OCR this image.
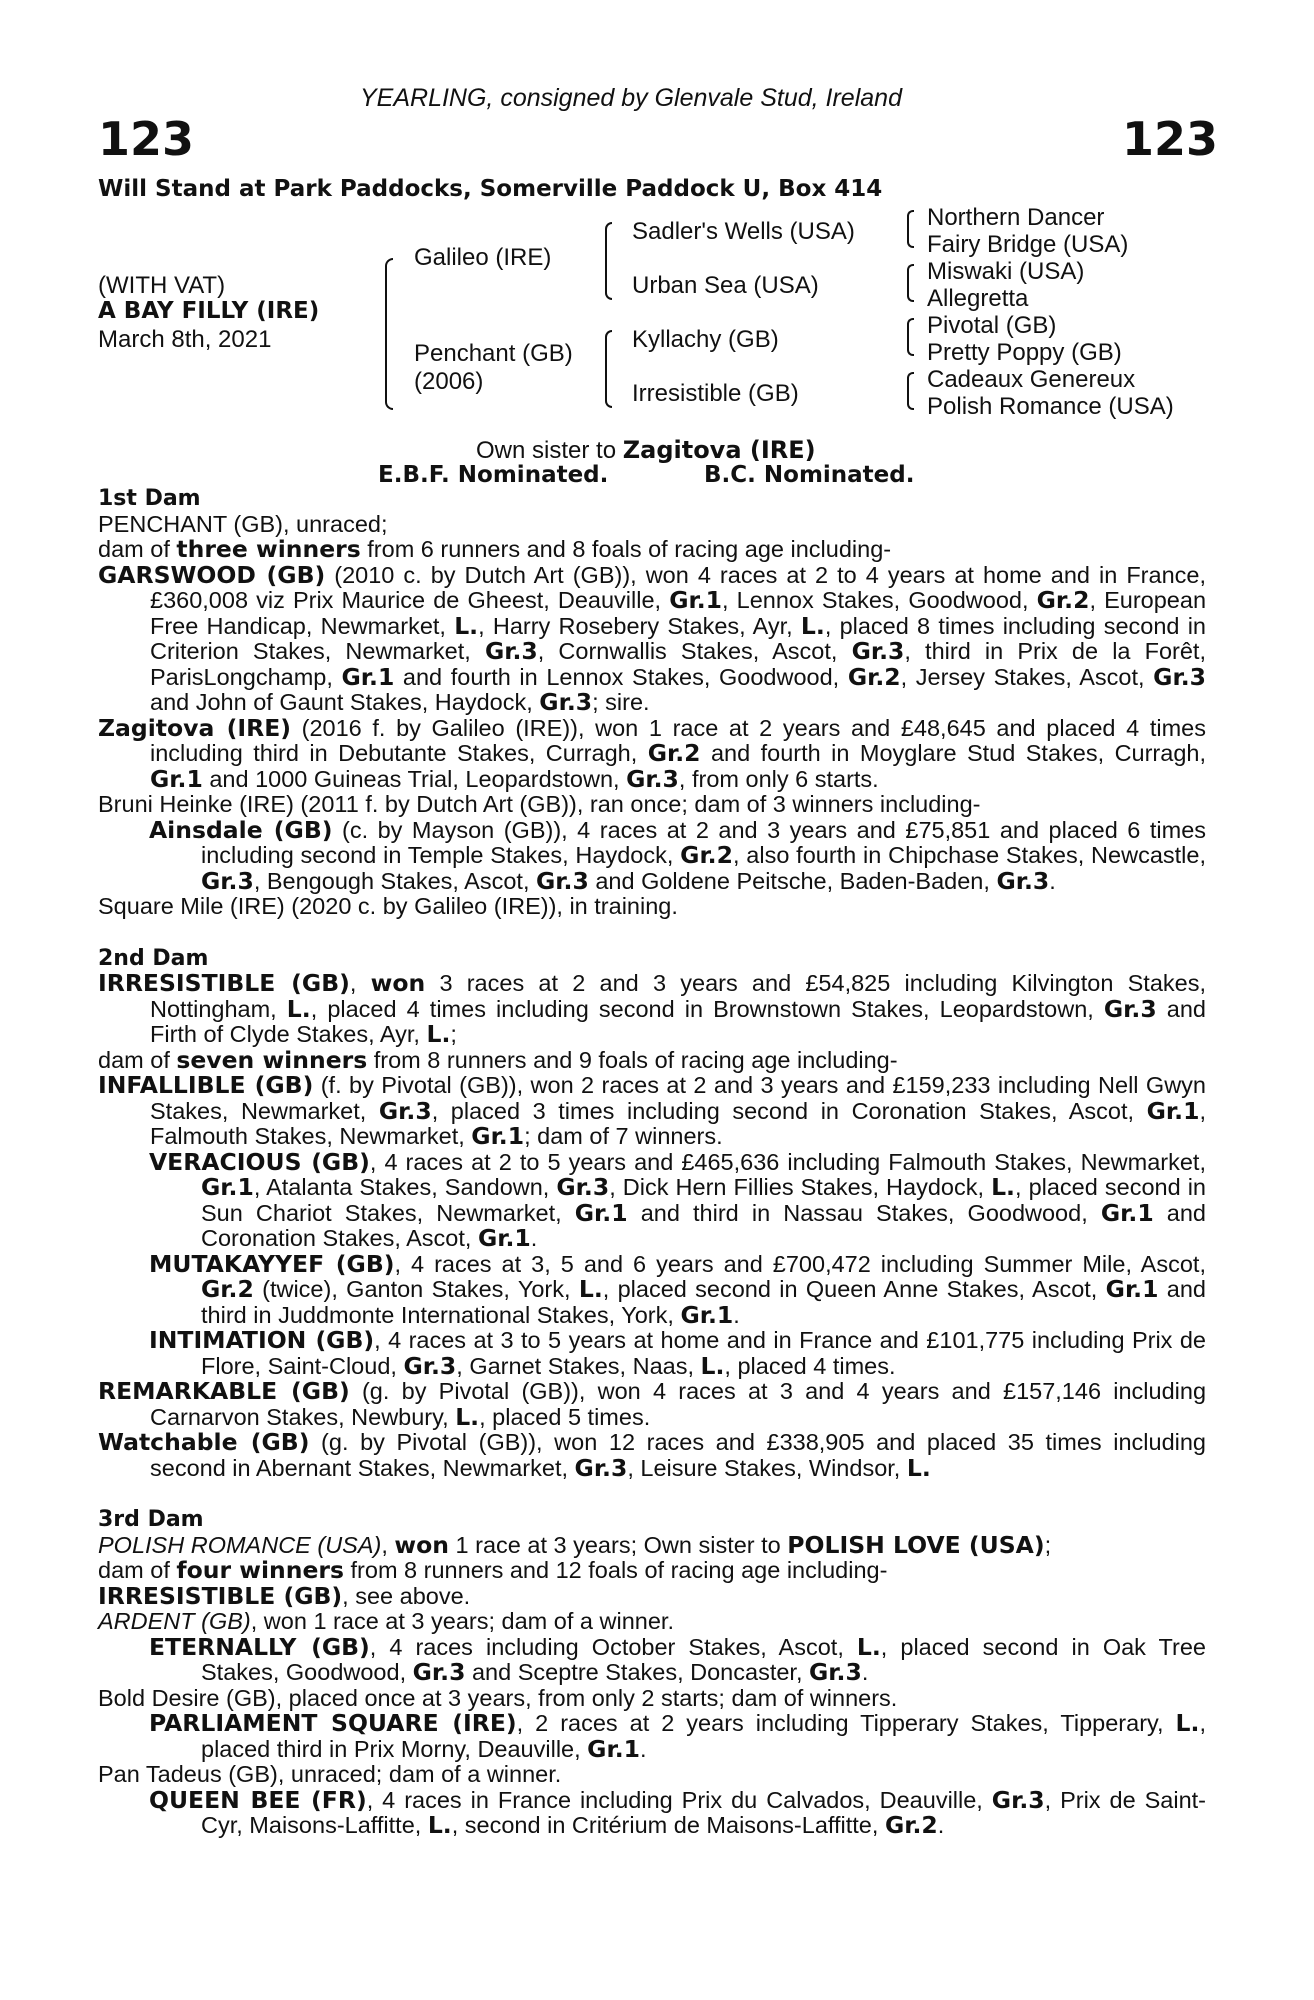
YEARLING, consigned by Glenvale Stud, Ireland
123	123
Will Stand at Park Paddocks, Somerville Paddock U, Box 414
(WITH VAT)
A BAY FILLY (IRE)
March 8th, 2021
Galileo (IRE)
Penchant (GB)
(2006)
Sadler's Wells (USA)
Urban Sea (USA)
Kyllachy (GB)
Irresistible (GB)
Northern Dancer
Fairy Bridge (USA)
Miswaki (USA)
Allegretta
Pivotal (GB)
Pretty Poppy (GB)
Cadeaux Genereux
Polish Romance (USA)
Own sister to Zagitova (IRE)
E.B.F. Nominated.	B.C. Nominated.
1st Dam

PENCHANT (GB), unraced;

dam of three winners from 6 runners and 8 foals of racing age including-

GARSWOOD (GB) (2010 c. by Dutch Art (GB)), won 4 races at 2 to 4 years at home and in France, £360,008 viz Prix Maurice de Gheest, Deauville, Gr.1, Lennox Stakes, Goodwood, Gr.2, European Free Handicap, Newmarket, L., Harry Rosebery Stakes, Ayr, L., placed 8 times including second in Criterion Stakes, Newmarket, Gr.3, Cornwallis Stakes, Ascot, Gr.3, third in Prix de la Forêt, ParisLongchamp, Gr.1 and fourth in Lennox Stakes, Goodwood, Gr.2, Jersey Stakes, Ascot, Gr.3 and John of Gaunt Stakes, Haydock, Gr.3; sire.

Zagitova (IRE) (2016 f. by Galileo (IRE)), won 1 race at 2 years and £48,645 and placed 4 times including third in Debutante Stakes, Curragh, Gr.2 and fourth in Moyglare Stud Stakes, Curragh, Gr.1 and 1000 Guineas Trial, Leopardstown, Gr.3, from only 6 starts.

Bruni Heinke (IRE) (2011 f. by Dutch Art (GB)), ran once; dam of 3 winners including-

Ainsdale (GB) (c. by Mayson (GB)), 4 races at 2 and 3 years and £75,851 and placed 6 times including second in Temple Stakes, Haydock, Gr.2, also fourth in Chipchase Stakes, Newcastle, Gr.3, Bengough Stakes, Ascot, Gr.3 and Goldene Peitsche, Baden-Baden, Gr.3.

Square Mile (IRE) (2020 c. by Galileo (IRE)), in training.

2nd Dam

IRRESISTIBLE (GB), won 3 races at 2 and 3 years and £54,825 including Kilvington Stakes, Nottingham, L., placed 4 times including second in Brownstown Stakes, Leopardstown, Gr.3 and Firth of Clyde Stakes, Ayr, L.;

dam of seven winners from 8 runners and 9 foals of racing age including-

INFALLIBLE (GB) (f. by Pivotal (GB)), won 2 races at 2 and 3 years and £159,233 including Nell Gwyn Stakes, Newmarket, Gr.3, placed 3 times including second in Coronation Stakes, Ascot, Gr.1, Falmouth Stakes, Newmarket, Gr.1; dam of 7 winners.

VERACIOUS (GB), 4 races at 2 to 5 years and £465,636 including Falmouth Stakes, Newmarket, Gr.1, Atalanta Stakes, Sandown, Gr.3, Dick Hern Fillies Stakes, Haydock, L., placed second in Sun Chariot Stakes, Newmarket, Gr.1 and third in Nassau Stakes, Goodwood, Gr.1 and Coronation Stakes, Ascot, Gr.1.

MUTAKAYYEF (GB), 4 races at 3, 5 and 6 years and £700,472 including Summer Mile, Ascot, Gr.2 (twice), Ganton Stakes, York, L., placed second in Queen Anne Stakes, Ascot, Gr.1 and third in Juddmonte International Stakes, York, Gr.1.

INTIMATION (GB), 4 races at 3 to 5 years at home and in France and £101,775 including Prix de Flore, Saint-Cloud, Gr.3, Garnet Stakes, Naas, L., placed 4 times.

REMARKABLE (GB) (g. by Pivotal (GB)), won 4 races at 3 and 4 years and £157,146 including Carnarvon Stakes, Newbury, L., placed 5 times.

Watchable (GB) (g. by Pivotal (GB)), won 12 races and £338,905 and placed 35 times including second in Abernant Stakes, Newmarket, Gr.3, Leisure Stakes, Windsor, L.

3rd Dam

POLISH ROMANCE (USA), won 1 race at 3 years; Own sister to POLISH LOVE (USA);

dam of four winners from 8 runners and 12 foals of racing age including-

IRRESISTIBLE (GB), see above.

ARDENT (GB), won 1 race at 3 years; dam of a winner.

ETERNALLY (GB), 4 races including October Stakes, Ascot, L., placed second in Oak Tree Stakes, Goodwood, Gr.3 and Sceptre Stakes, Doncaster, Gr.3.

Bold Desire (GB), placed once at 3 years, from only 2 starts; dam of winners.

PARLIAMENT SQUARE (IRE), 2 races at 2 years including Tipperary Stakes, Tipperary, L., placed third in Prix Morny, Deauville, Gr.1.

Pan Tadeus (GB), unraced; dam of a winner.

QUEEN BEE (FR), 4 races in France including Prix du Calvados, Deauville, Gr.3, Prix de Saint-Cyr, Maisons-Laffitte, L., second in Critérium de Maisons-Laffitte, Gr.2.
